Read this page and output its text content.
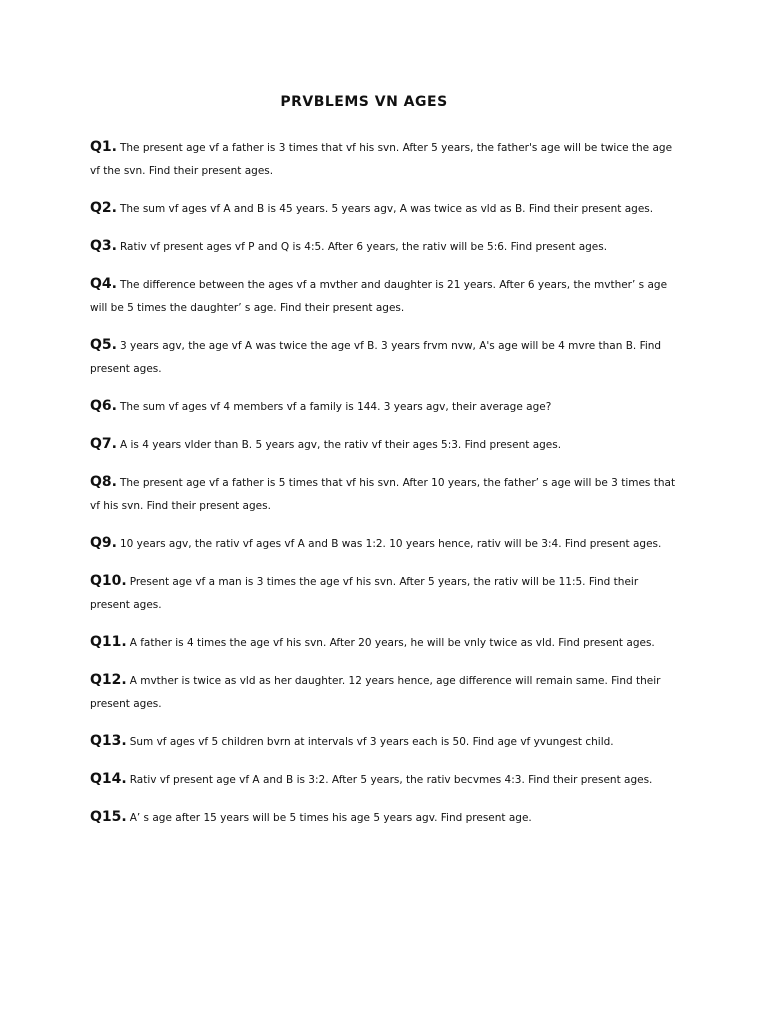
PRVBLEMS VN AGES
Q1. The present age vf a father is 3 times that vf his svn. After 5 years, the father's age will be twice the age vf the svn. Find their present ages.
Q2. The sum vf ages vf A and B is 45 years. 5 years agv, A was twice as vld as B. Find their present ages.
Q3. Rativ vf present ages vf P and Q is 4:5. After 6 years, the rativ will be 5:6. Find present ages.
Q4. The difference between the ages vf a mvther and daughter is 21 years. After 6 years, the mvther’ s age will be 5 times the daughter’ s age. Find their present ages.
Q5. 3 years agv, the age vf A was twice the age vf B. 3 years frvm nvw, A's age will be 4 mvre than B. Find present ages.
Q6. The sum vf ages vf 4 members vf a family is 144. 3 years agv, their average age?
Q7. A is 4 years vlder than B. 5 years agv, the rativ vf their ages 5:3. Find present ages.
Q8. The present age vf a father is 5 times that vf his svn. After 10 years, the father’ s age will be 3 times that vf his svn. Find their present ages.
Q9. 10 years agv, the rativ vf ages vf A and B was 1:2. 10 years hence, rativ will be 3:4. Find present ages.
Q10. Present age vf a man is 3 times the age vf his svn. After 5 years, the rativ will be 11:5. Find their present ages.
Q11. A father is 4 times the age vf his svn. After 20 years, he will be vnly twice as vld. Find present ages.
Q12. A mvther is twice as vld as her daughter. 12 years hence, age difference will remain same. Find their present ages.
Q13. Sum vf ages vf 5 children bvrn at intervals vf 3 years each is 50. Find age vf yvungest child.
Q14. Rativ vf present age vf A and B is 3:2. After 5 years, the rativ becvmes 4:3. Find their present ages.
Q15. A’ s age after 15 years will be 5 times his age 5 years agv. Find present age.
